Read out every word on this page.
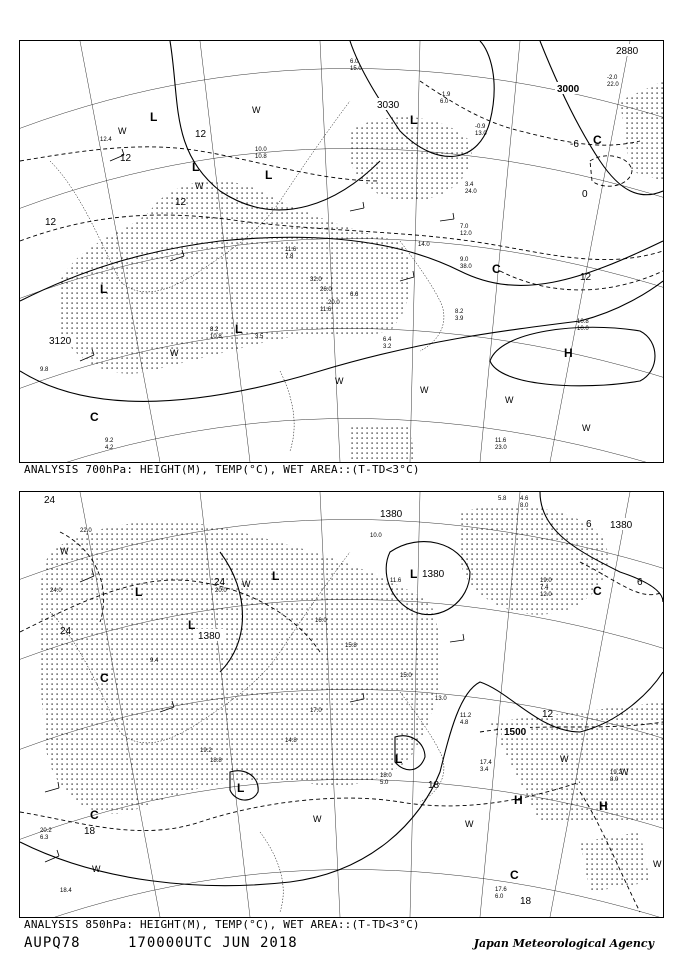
12.4
10.0
10.8
11.6
7.8
8.2
10.8
11.6
6.6
32.0
26.0
6.4
3.2
8.2
3.9	10.8
10.0
11.6
23.0
9.2
4.2
7.0
12.0
-1.9
6.0
-0.9
13.0
9.0
38.0
14.0
24.0
3.4
3.5
9.8
20.0
-2.0
22.0
6.0
15.0
2880
3000
3030
3120
L
L
L
L
L
L
H
C
C
C
W
W
W
W
W
W
W
W
12
12
12
12
12
0
-6
ANALYSIS 700hPa: HEIGHT(M), TEMP(°C), WET AREA::(T-TD<3°C)
22.0
24.0	20.0
19.2
18.8
17.0
15.0
10.0
13.0
11.2
4.8
17.4
3.4	19.2
8.0
17.6
6.0
18.0
5.0
19.0
7.4
12.0
5.8 4.6
8.0
11.6
20.2
6.3
16.0
9.4
18.4
15.8
14.8
1380
1380
1380
1380
1500
L
L
L	L
L
L
H	H
C
C
C
C
W
W
W
W	W
W
W
W
24
24
24
18
18
18
12
6
6
ANALYSIS 850hPa: HEIGHT(M), TEMP(°C), WET AREA::(T-TD<3°C)
AUPQ78	170000UTC JUN 2018	Japan Meteorological Agency
